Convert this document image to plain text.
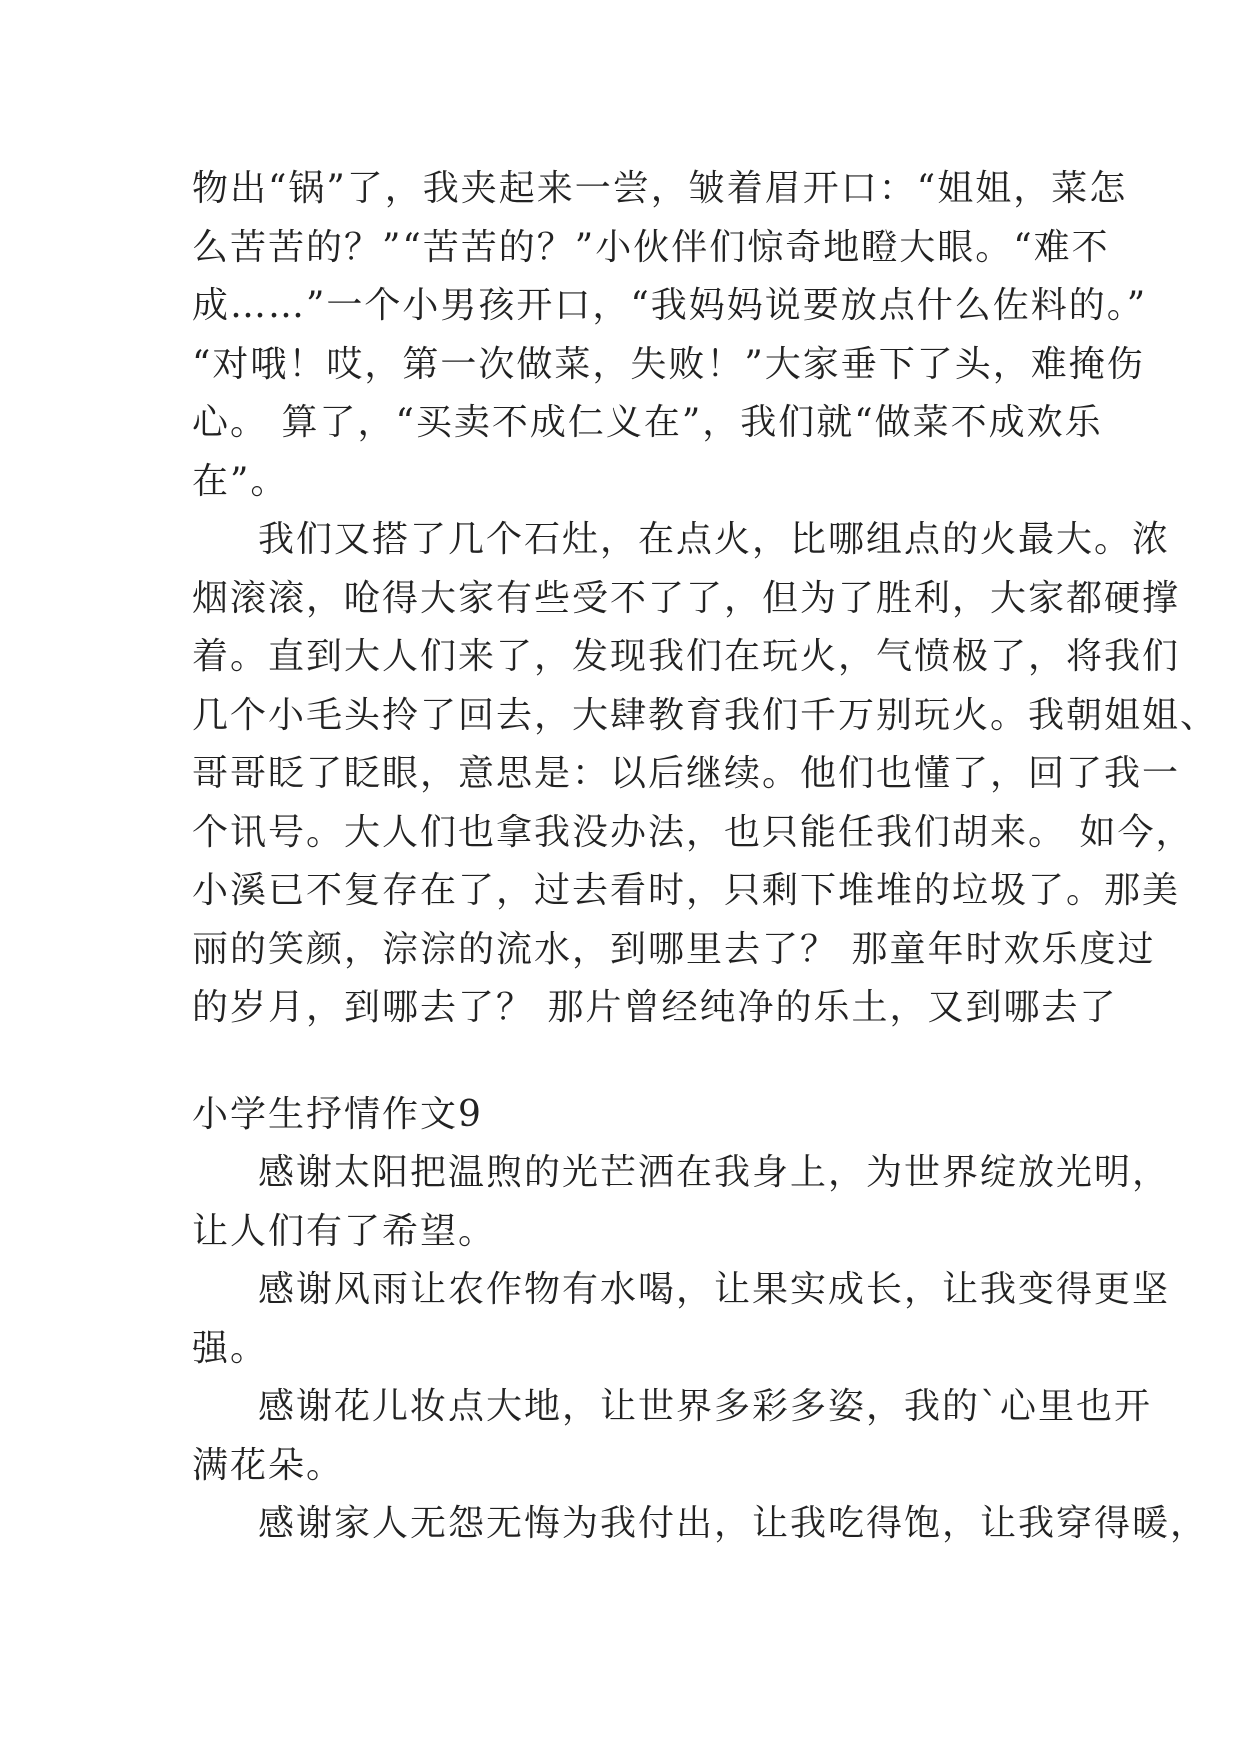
物出“锅”了，我夹起来一尝，皱着眉开口：“姐姐，菜怎
么苦苦的？”“苦苦的？”小伙伴们惊奇地瞪大眼。“难不
成……”一个小男孩开口，“我妈妈说要放点什么佐料的。”
“对哦！哎，第一次做菜，失败！”大家垂下了头，难掩伤
心。 算了，“买卖不成仁义在”，我们就“做菜不成欢乐
在”。
我们又搭了几个石灶，在点火，比哪组点的火最大。浓
烟滚滚，呛得大家有些受不了了，但为了胜利，大家都硬撑
着。直到大人们来了，发现我们在玩火，气愤极了，将我们
几个小毛头拎了回去，大肆教育我们千万别玩火。我朝姐姐、
哥哥眨了眨眼，意思是：以后继续。他们也懂了，回了我一
个讯号。大人们也拿我没办法，也只能任我们胡来。 如今，
小溪已不复存在了，过去看时，只剩下堆堆的垃圾了。那美
丽的笑颜，淙淙的流水，到哪里去了？ 那童年时欢乐度过
的岁月，到哪去了？ 那片曾经纯净的乐土，又到哪去了
小学生抒情作文9
感谢太阳把温煦的光芒洒在我身上，为世界绽放光明，
让人们有了希望。
感谢风雨让农作物有水喝，让果实成长，让我变得更坚
强。
感谢花儿妆点大地，让世界多彩多姿，我的`心里也开
满花朵。
感谢家人无怨无悔为我付出，让我吃得饱，让我穿得暖，
